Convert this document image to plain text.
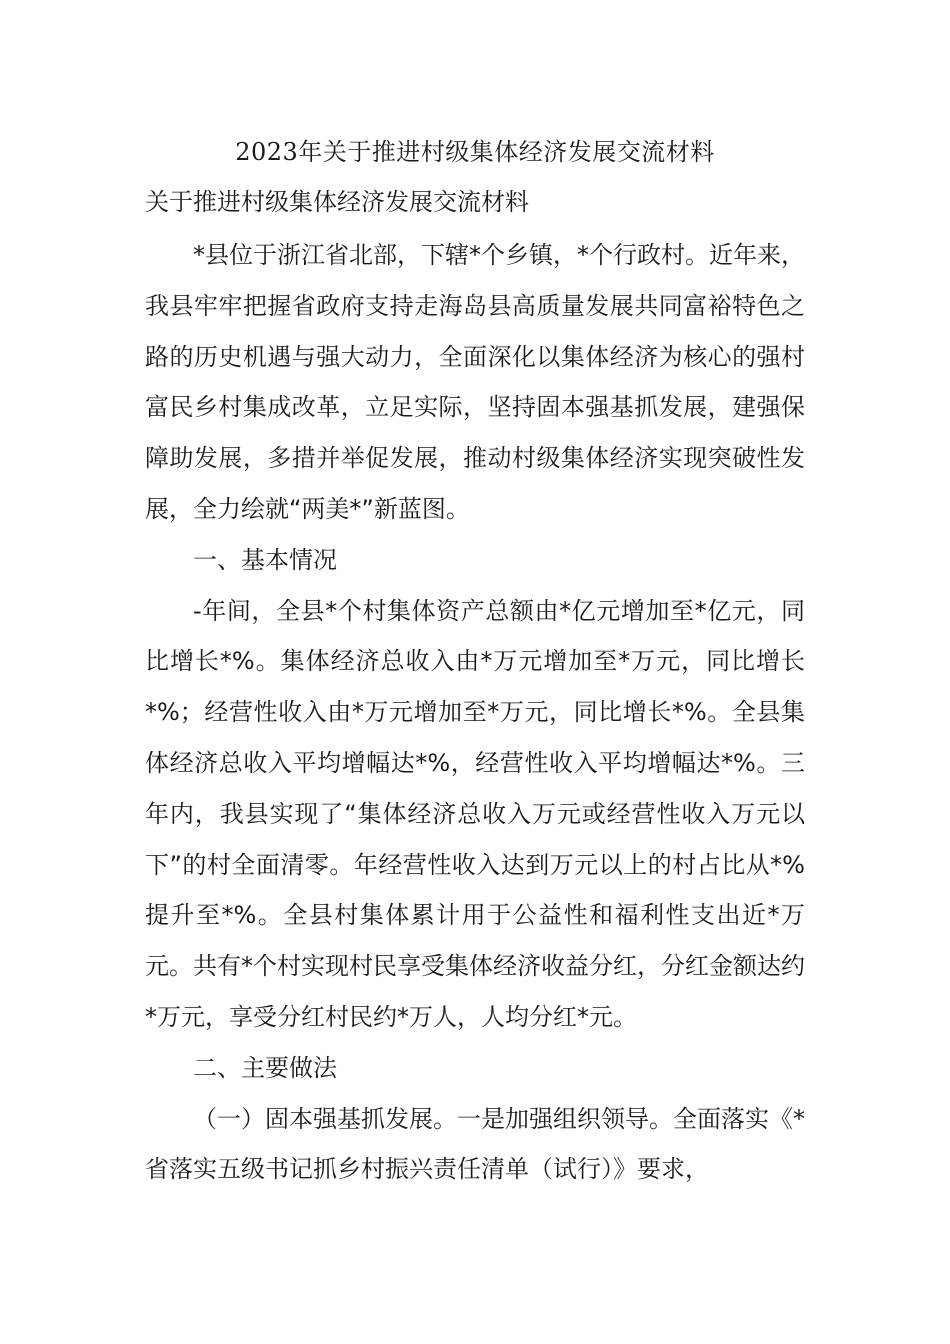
2023年关于推进村级集体经济发展交流材料
关于推进村级集体经济发展交流材料

*县位于浙江省北部，下辖*个乡镇，*个行政村。近年来，我县牢牢把握省政府支持走海岛县高质量发展共同富裕特色之路的历史机遇与强大动力，全面深化以集体经济为核心的强村富民乡村集成改革，立足实际，坚持固本强基抓发展，建强保障助发展，多措并举促发展，推动村级集体经济实现突破性发展，全力绘就“两美*”新蓝图。

一、基本情况

-年间，全县*个村集体资产总额由*亿元增加至*亿元，同比增长*%。集体经济总收入由*万元增加至*万元，同比增长*%；经营性收入由*万元增加至*万元，同比增长*%。全县集体经济总收入平均增幅达*%，经营性收入平均增幅达*%。三年内，我县实现了“集体经济总收入万元或经营性收入万元以下”的村全面清零。年经营性收入达到万元以上的村占比从*%提升至*%。全县村集体累计用于公益性和福利性支出近*万元。共有*个村实现村民享受集体经济收益分红，分红金额达约*万元，享受分红村民约*万人，人均分红*元。

二、主要做法

（一）固本强基抓发展。一是加强组织领导。全面落实《*省落实五级书记抓乡村振兴责任清单（试行）》要求，
